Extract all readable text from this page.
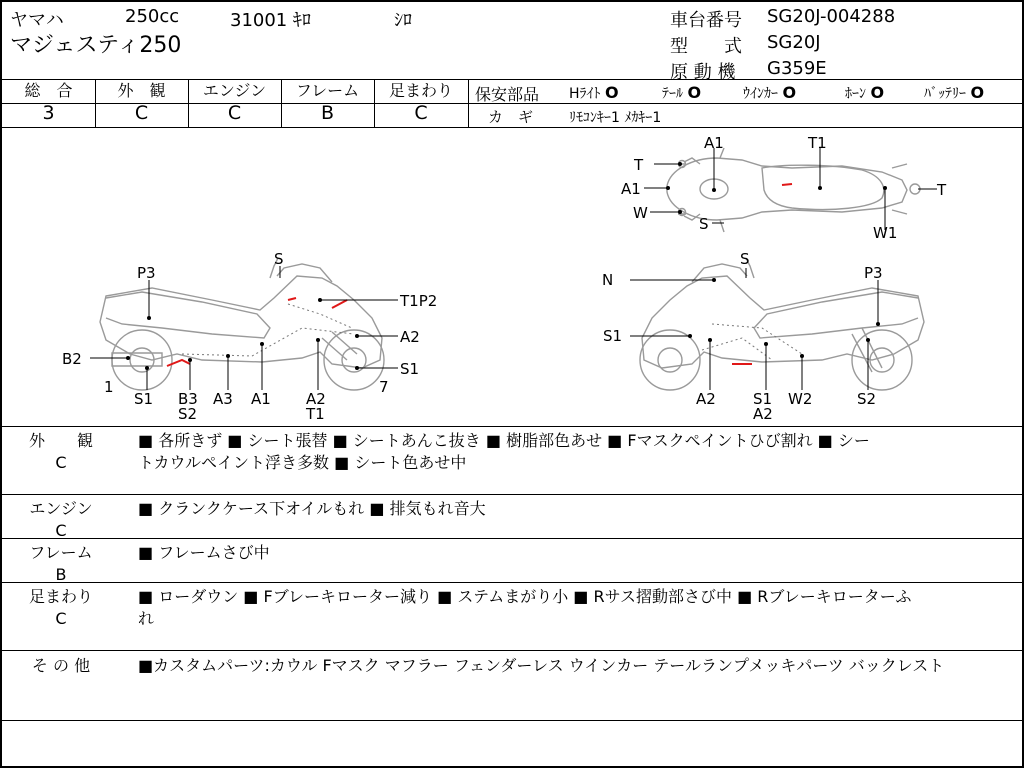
ヤマハ	250cc	31001 ｷﾛ	ｼﾛ
マジェスティ250
車台番号 SG20J-004288
型　　式 SG20J
原 動 機 G359E
総　合
3
外　観
C
エンジン
C
フレーム
B
足まわり
C
保安部品 Hﾗｲﾄ O	ﾃｰﾙ O	ｳｲﾝｶｰ O	ﾎｰﾝ O	ﾊﾞｯﾃﾘｰ O
カ　ギ	ﾘﾓｺﾝｷｰ1 ﾒｶｷｰ1
T
A1
W
S
A1	T1
T
W1
S
P3
T1P2
A2
B2
S1
1
S1 B3
S2
A3 A1 A2
T1
7
S
N	P3
S1
A2 S1
A2
W2	S2
外　　観
C
■ 各所きず ■ シート張替 ■ シートあんこ抜き ■ 樹脂部色あせ ■ Fマスクペイントひび割れ ■ シー
トカウルペイント浮き多数 ■ シート色あせ中
エンジン
C
■ クランクケース下オイルもれ ■ 排気もれ音大
フレーム
B
■ フレームさび中
足まわり
C
■ ローダウン ■ Fブレーキローター減り ■ ステムまがり小 ■ Rサス摺動部さび中 ■ Rブレーキローターふ
れ
そ の 他	■カスタムパーツ:カウル Fマスク マフラー フェンダーレス ウインカー テールランプメッキパーツ バックレスト
